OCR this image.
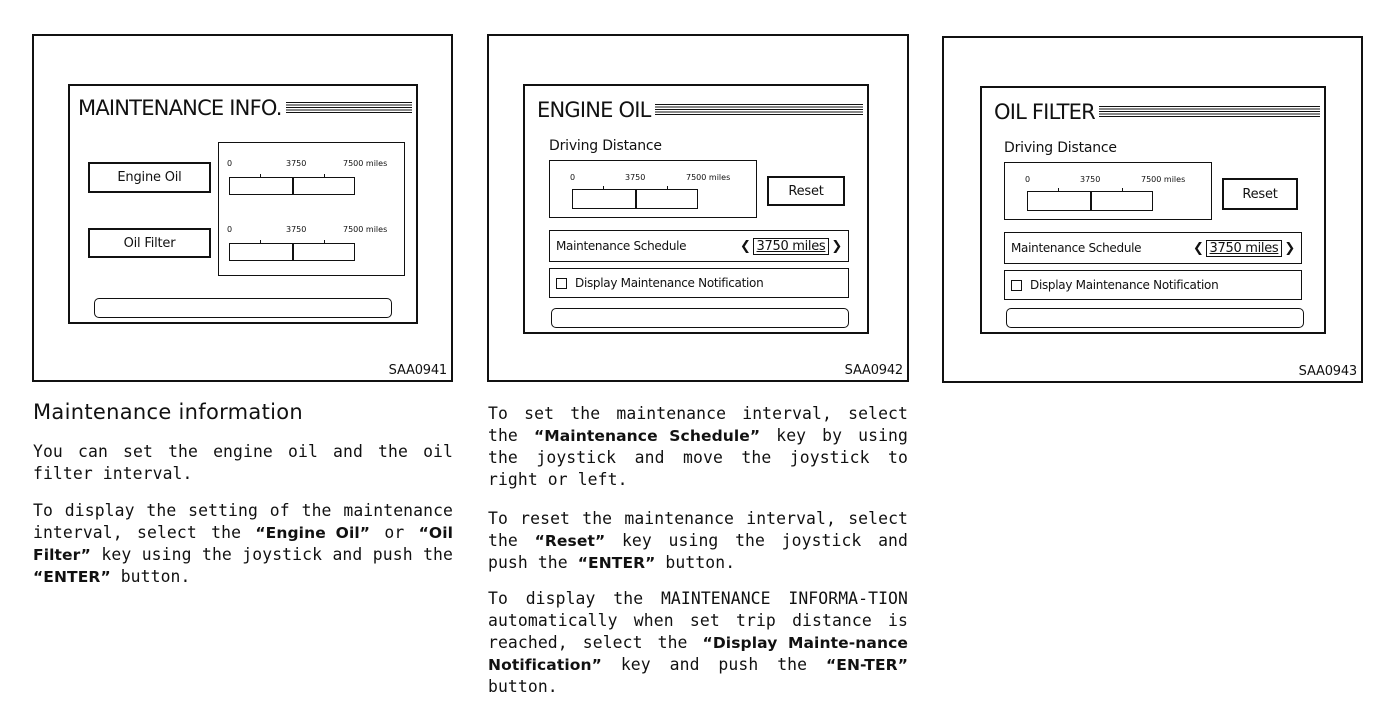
MAINTENANCE INFO.
Engine Oil
Oil Filter
0	3750	7500 miles
0	3750	7500 miles
SAA0941
ENGINE OIL
Driving Distance
0	3750	7500 miles
Reset
Maintenance Schedule	❮ 3750 miles ❯
Display Maintenance Notification
SAA0942
OIL FILTER
Driving Distance
0	3750	7500 miles
Reset
Maintenance Schedule	❮ 3750 miles ❯
Display Maintenance Notification
SAA0943
Maintenance information

You can set the engine oil and the oil filter interval.

To display the setting of the maintenance interval, select the “Engine Oil” or “Oil Filter” key using the joystick and push the “ENTER” button.

To set the maintenance interval, select the “Maintenance Schedule” key by using the joystick and move the joystick to right or left.

To reset the maintenance interval, select the “Reset” key using the joystick and push the “ENTER” button.

To display the MAINTENANCE INFORMA-TION automatically when set trip distance is reached, select the “Display Mainte-nance Notification” key and push the “EN-TER” button.
